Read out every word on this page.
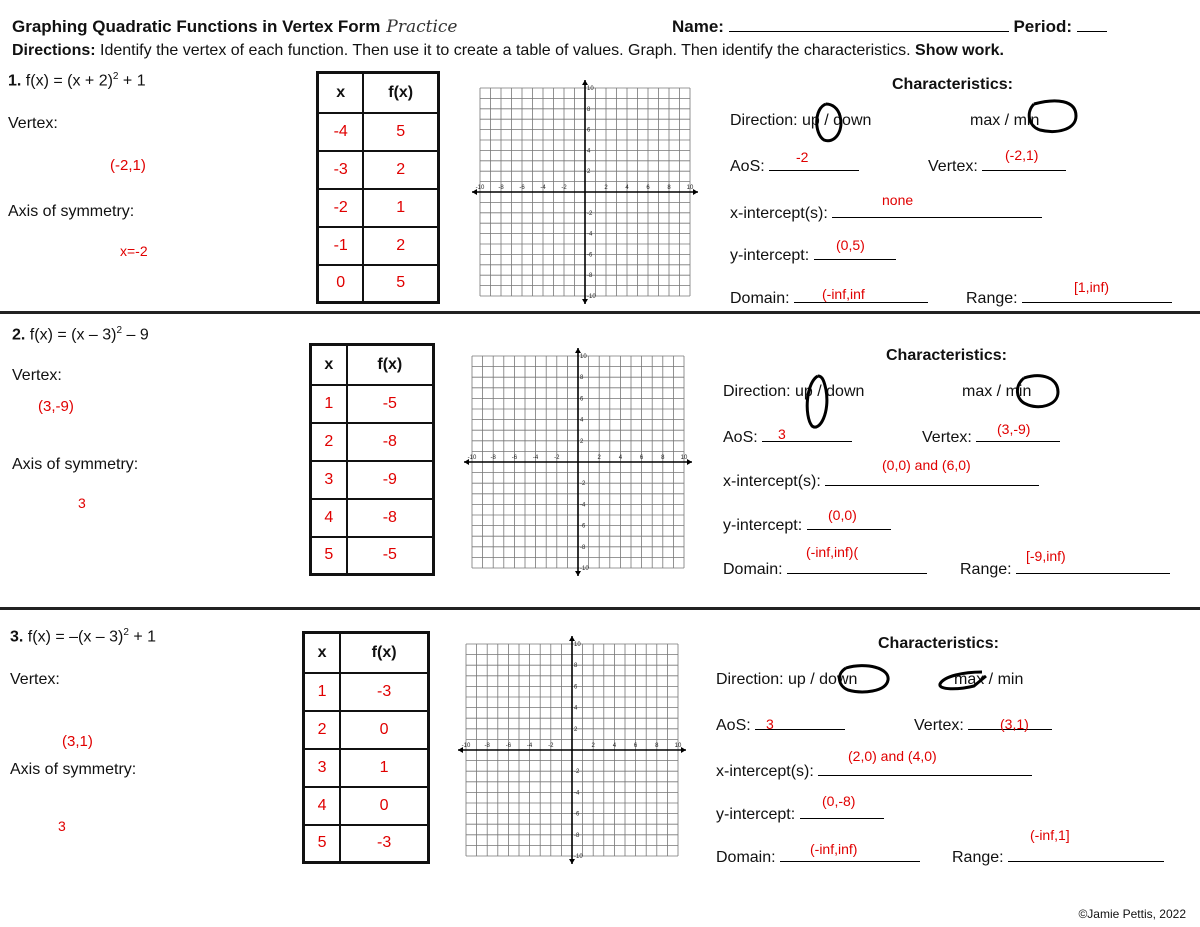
Graphing Quadratic Functions in Vertex Form Practice	Name:	Period:
Directions: Identify the vertex of each function. Then use it to create a table of values. Graph. Then identify the characteristics. Show work.
1. $f(x) = (x + 2)^2 + 1$
Vertex:
(-2,1)
Axis of symmetry:
x=-2
x	f(x)
-4	5
-3	2
-2	1
-1	2
0	5
-10 -8	-6	-4	-2	2	4	6	8	10
10
8
6
4
2
-2
-4
-6
-8
-10
Characteristics:
Direction: up / down	max / min
AoS:
-2
Vertex:
(-2,1)
x-intercept(s):
none
y-intercept:
(0,5)
Domain:	(-inf,inf	Range:
[1,inf)
2. f(x) = (x – 3)$^2$ – 9
Vertex:
(3,-9)
Axis of symmetry:
3
x	f(x)
1	-5
2	-8
3	-9
4	-8
5	-5
-10 -8	-6	-4	-2	2	4	6	8	10
10
8
6
4
2
-2
-4
-6
-8
-10
Characteristics:
Direction: up / down	max / min
AoS:	3	Vertex:	(3,-9)
x-intercept(s):
(0,0) and (6,0)
y-intercept:
(0,0)
Domain:
(-inf,inf)(
Range:
[-9,inf)
3. f(x) = –(x – 3)$^2$ + 1
Vertex:
(3,1)
Axis of symmetry:
3
x	f(x)
1	-3
2	0
3	1
4	0
5	-3
-10 -8	-6	-4	-2	2	4	6	8	10
10
8
6
4
2
-2
-4
-6
-8
-10
Characteristics:
Direction: up / down	max / min
AoS:	3	Vertex:	(3,1)
x-intercept(s):
(2,0) and (4,0)
y-intercept:
(0,-8)
Domain:	(-inf,inf)	Range:
(-inf,1]
©Jamie Pettis, 2022
